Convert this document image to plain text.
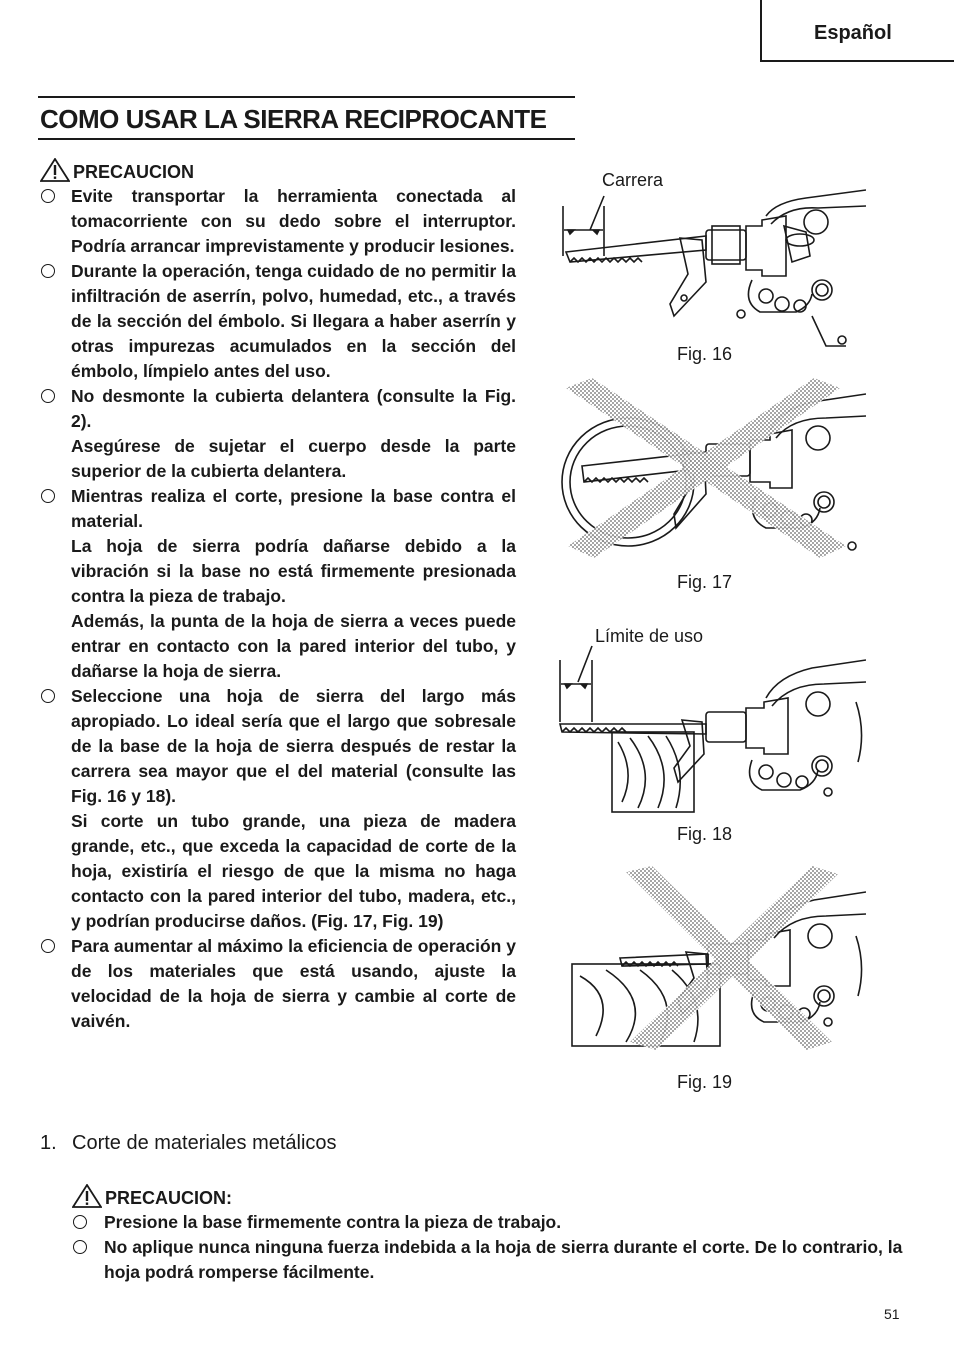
Español
COMO USAR LA SIERRA RECIPROCANTE
PRECAUCION

Evite transportar la herramienta conectada al tomacorriente con su dedo sobre el interruptor. Podría arrancar imprevistamente y producir lesiones.

Durante la operación, tenga cuidado de no permitir la infiltración de aserrín, polvo, humedad, etc., a través de la sección del émbolo. Si llegara a haber aserrín y otras impurezas acumulados en la sección del émbolo, límpielo antes del uso.

No desmonte la cubierta delantera (consulte la Fig. 2).

Asegúrese de sujetar el cuerpo desde la parte superior de la cubierta delantera.

Mientras realiza el corte, presione la base contra el material.

La hoja de sierra podría dañarse debido a la vibración si la base no está firmemente presionada contra la pieza de trabajo.

Además, la punta de la hoja de sierra a veces puede entrar en contacto con la pared interior del tubo, y dañarse la hoja de sierra.

Seleccione una hoja de sierra del largo más apropiado. Lo ideal sería que el largo que sobresale de la base de la hoja de sierra después de restar la carrera sea mayor que el del material (consulte las Fig. 16 y 18).

Si corte un tubo grande, una pieza de madera grande, etc., que exceda la capacidad de corte de la hoja, existiría el riesgo de que la misma no haga contacto con la pared interior del tubo, madera, etc., y podrían producirse daños. (Fig. 17, Fig. 19)

Para aumentar al máximo la eficiencia de operación y de los materiales que está usando, ajuste la velocidad de la hoja de sierra y cambie al corte de vaivén.

1. Corte de materiales metálicos
PRECAUCION:
Presione la base firmemente contra la pieza de trabajo.
No aplique nunca ninguna fuerza indebida a la hoja de sierra durante el corte. De lo contrario, la hoja podrá romperse fácilmente.
Carrera
Fig. 16
Fig. 17
Límite de uso
Fig. 18
Fig. 19
51
